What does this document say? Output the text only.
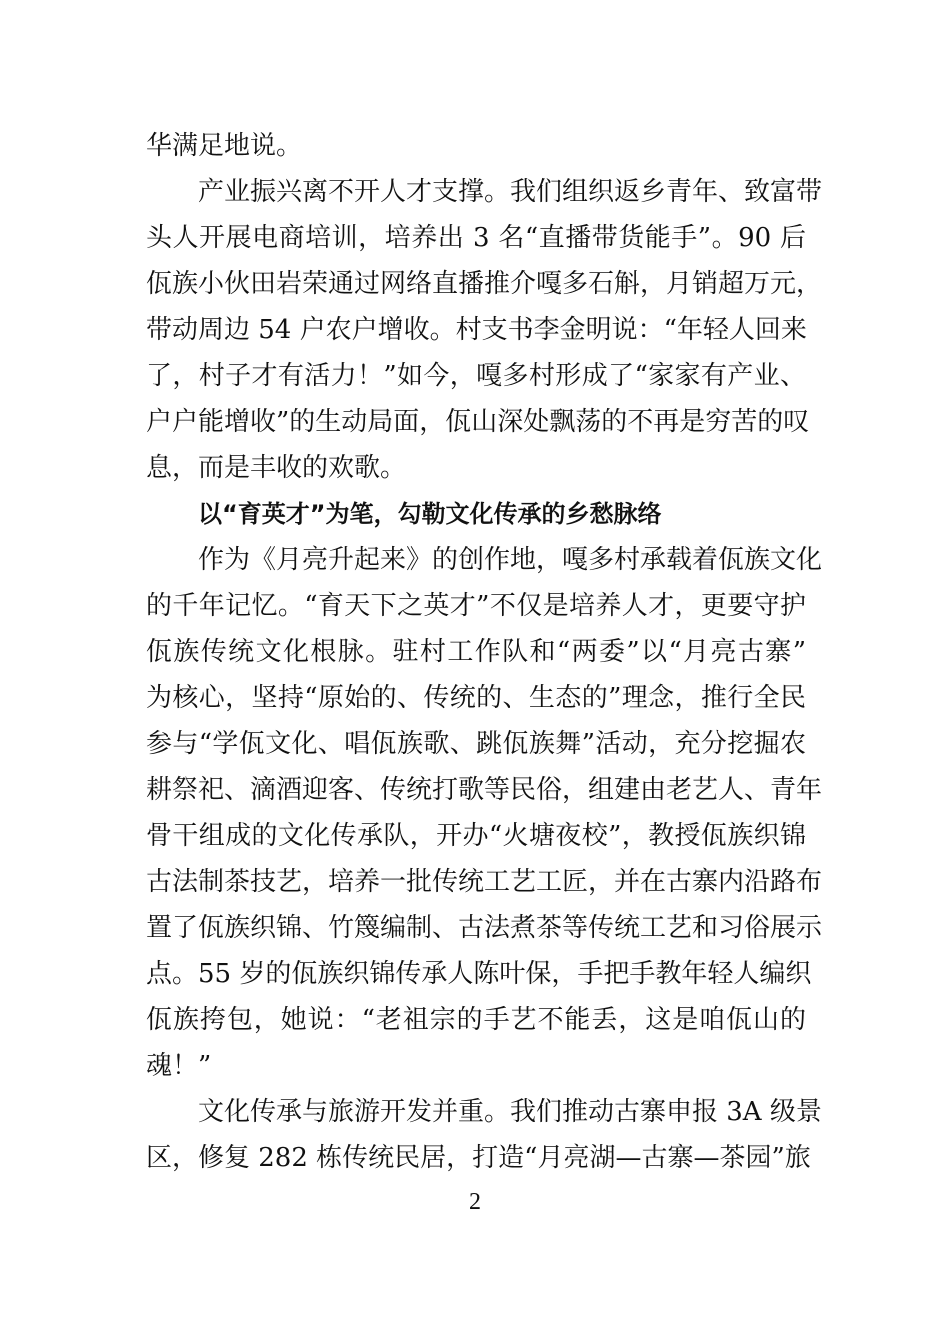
华满足地说。
产业振兴离不开人才支撑。我们组织返乡青年、致富带
头人开展电商培训，培养出 3 名“直播带货能手”。90 后
佤族小伙田岩荣通过网络直播推介嘎多石斛，月销超万元，
带动周边 54 户农户增收。村支书李金明说：“年轻人回来
了，村子才有活力！”如今，嘎多村形成了“家家有产业、
户户能增收”的生动局面，佤山深处飘荡的不再是穷苦的叹
息，而是丰收的欢歌。
以“育英才”为笔，勾勒文化传承的乡愁脉络
作为《月亮升起来》的创作地，嘎多村承载着佤族文化
的千年记忆。“育天下之英才”不仅是培养人才，更要守护
佤族传统文化根脉。驻村工作队和“两委”以“月亮古寨”
为核心，坚持“原始的、传统的、生态的”理念，推行全民
参与“学佤文化、唱佤族歌、跳佤族舞”活动，充分挖掘农
耕祭祀、滴酒迎客、传统打歌等民俗，组建由老艺人、青年
骨干组成的文化传承队，开办“火塘夜校”，教授佤族织锦
古法制茶技艺，培养一批传统工艺工匠，并在古寨内沿路布
置了佤族织锦、竹篾编制、古法煮茶等传统工艺和习俗展示
点。55 岁的佤族织锦传承人陈叶保，手把手教年轻人编织
佤族挎包，她说：“老祖宗的手艺不能丢，这是咱佤山的
魂！”
文化传承与旅游开发并重。我们推动古寨申报 3A 级景
区，修复 282 栋传统民居，打造“月亮湖—古寨—茶园”旅
2
